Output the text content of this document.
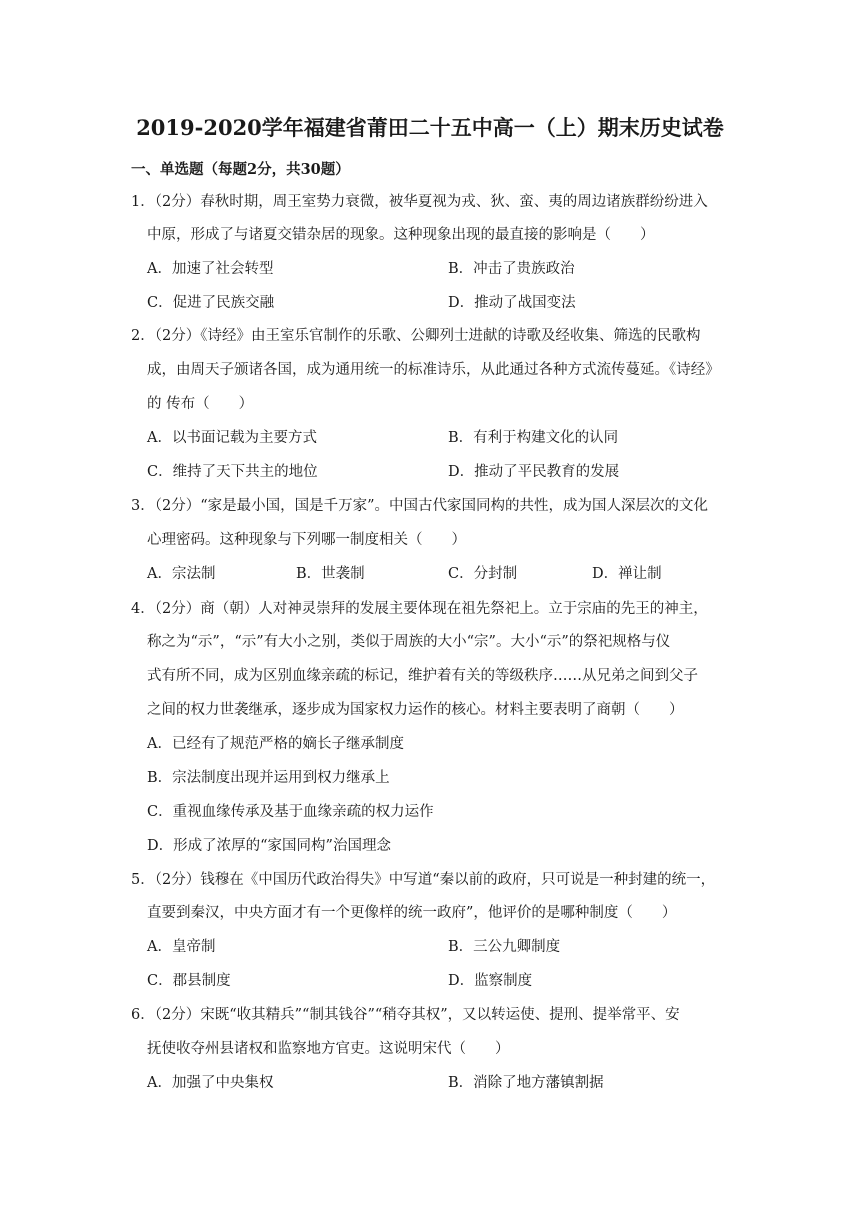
2019-2020学年福建省莆田二十五中高一（上）期末历史试卷
一、单选题（每题2分，共30题）
1．（2分）春秋时期，周王室势力衰微，被华夏视为戎、狄、蛮、夷的周边诸族群纷纷进入
中原，形成了与诸夏交错杂居的现象。这种现象出现的最直接的影响是（　　）
A．加速了社会转型	B．冲击了贵族政治
C．促进了民族交融	D．推动了战国变法
2．（2分）《诗经》由王室乐官制作的乐歌、公卿列士进献的诗歌及经收集、筛选的民歌构
成，由周天子颁诸各国，成为通用统一的标准诗乐，从此通过各种方式流传蔓延。《诗经》
的 传布（　　）
A．以书面记载为主要方式	B．有利于构建文化的认同
C．维持了天下共主的地位	D．推动了平民教育的发展
3．（2分）“家是最小国，国是千万家”。中国古代家国同构的共性，成为国人深层次的文化
心理密码。这种现象与下列哪一制度相关（　　）
A．宗法制	B．世袭制	C．分封制	D．禅让制
4．（2分）商（朝）人对神灵崇拜的发展主要体现在祖先祭祀上。立于宗庙的先王的神主，
称之为“示”，“示”有大小之别，类似于周族的大小“宗”。大小“示”的祭祀规格与仪
式有所不同，成为区别血缘亲疏的标记，维护着有关的等级秩序……从兄弟之间到父子
之间的权力世袭继承，逐步成为国家权力运作的核心。材料主要表明了商朝（　　）
A．已经有了规范严格的嫡长子继承制度
B．宗法制度出现并运用到权力继承上
C．重视血缘传承及基于血缘亲疏的权力运作
D．形成了浓厚的“家国同构”治国理念
5．（2分）钱穆在《中国历代政治得失》中写道“秦以前的政府，只可说是一种封建的统一，
直要到秦汉，中央方面才有一个更像样的统一政府”，他评价的是哪种制度（　　）
A．皇帝制	B．三公九卿制度
C．郡县制度	D．监察制度
6．（2分）宋既“收其精兵”“制其钱谷”“稍夺其权”，又以转运使、提刑、提举常平、安
抚使收夺州县诸权和监察地方官吏。这说明宋代（　　）
A．加强了中央集权	B．消除了地方藩镇割据
